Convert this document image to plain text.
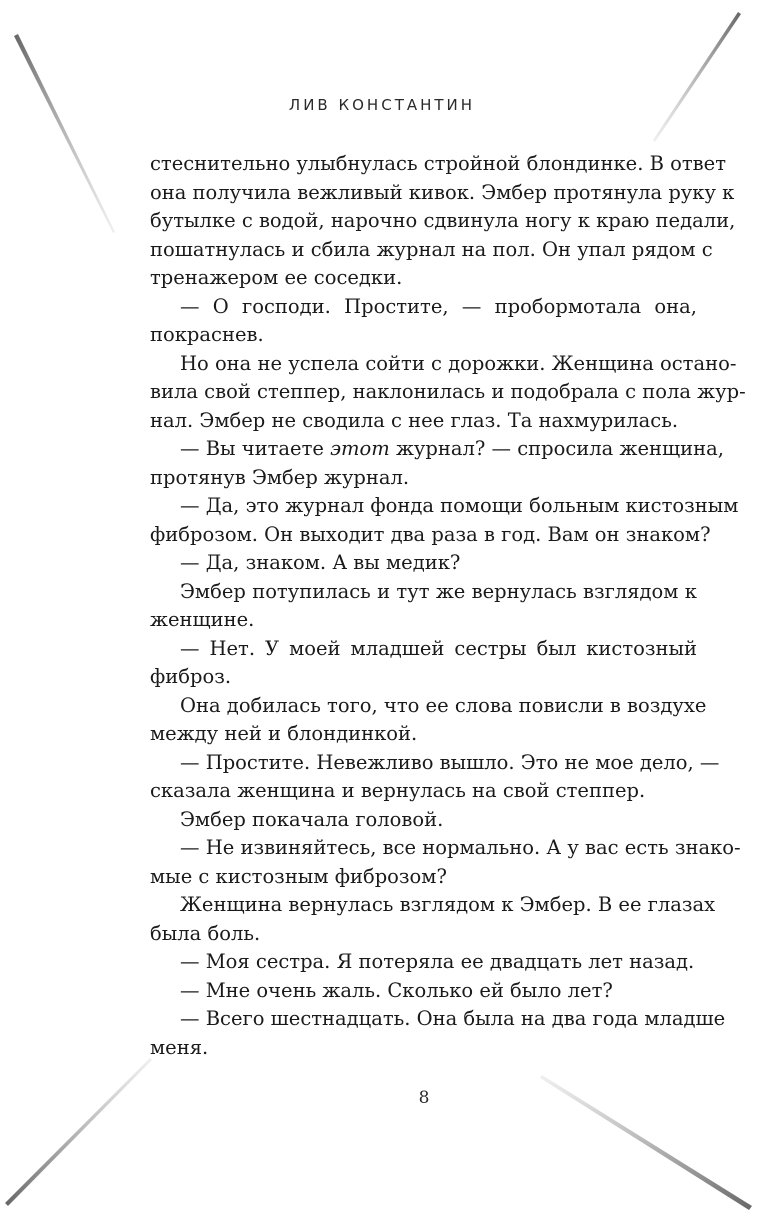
ЛИВ КОНСТАНТИН
стеснительно улыбнулась стройной блондинке. В ответ
она получила вежливый кивок. Эмбер протянула руку к
бутылке с водой, нарочно сдвинула ногу к краю педали,
пошатнулась и сбила журнал на пол. Он упал рядом с
тренажером ее соседки.
— О господи. Простите, — пробормотала она,
покраснев.
Но она не успела сойти с дорожки. Женщина остано-
вила свой степпер, наклонилась и подобрала с пола жур-
нал. Эмбер не сводила с нее глаз. Та нахмурилась.
— Вы читаете этот журнал? — спросила женщина,
протянув Эмбер журнал.
— Да, это журнал фонда помощи больным кистозным
фиброзом. Он выходит два раза в год. Вам он знаком?
— Да, знаком. А вы медик?
Эмбер потупилась и тут же вернулась взглядом к
женщине.
— Нет. У моей младшей сестры был кистозный
фиброз.
Она добилась того, что ее слова повисли в воздухе
между ней и блондинкой.
— Простите. Невежливо вышло. Это не мое дело, —
сказала женщина и вернулась на свой степпер.
Эмбер покачала головой.
— Не извиняйтесь, все нормально. А у вас есть знако-
мые с кистозным фиброзом?
Женщина вернулась взглядом к Эмбер. В ее глазах
была боль.
— Моя сестра. Я потеряла ее двадцать лет назад.
— Мне очень жаль. Сколько ей было лет?
— Всего шестнадцать. Она была на два года младше
меня.
8
